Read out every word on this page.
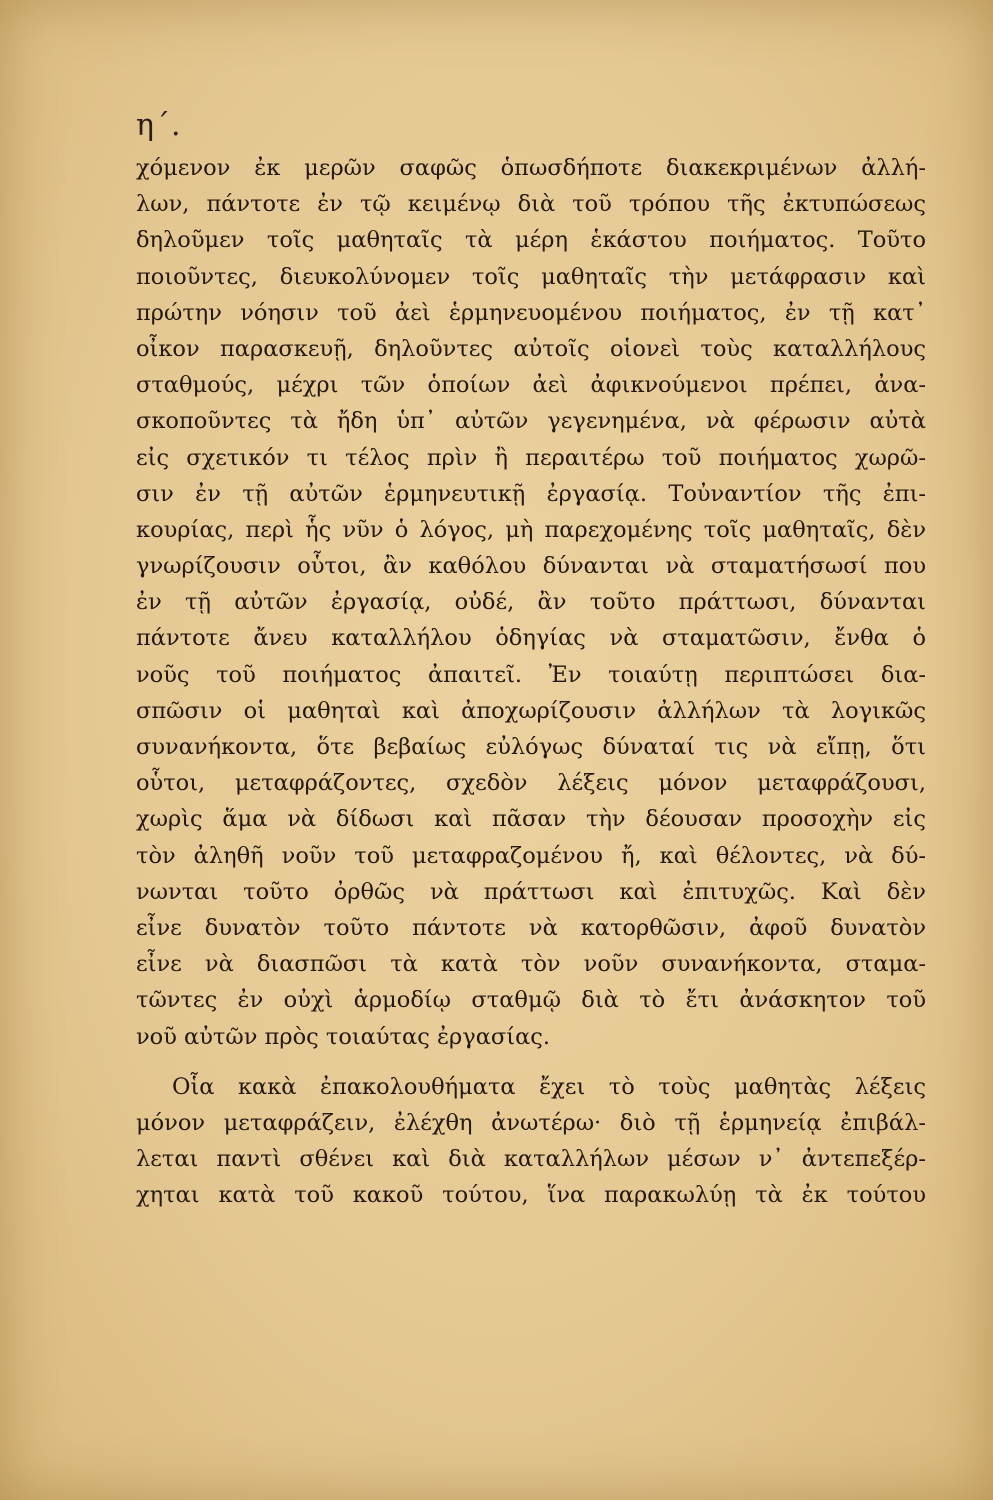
η΄.
χόμενον ἐκ μερῶν σαφῶς ὁπωσδήποτε διακεκριμένων ἀλλή-
λων, πάντοτε ἐν τῷ κειμένῳ διὰ τοῦ τρόπου τῆς ἐκτυπώσεως
δηλοῦμεν τοῖς μαθηταῖς τὰ μέρη ἑκάστου ποιήματος. Τοῦτο
ποιοῦντες, διευκολύνομεν τοῖς μαθηταῖς τὴν μετάφρασιν καὶ
πρώτην νόησιν τοῦ ἀεὶ ἑρμηνευομένου ποιήματος, ἐν τῇ κατ᾽
οἶκον παρασκευῇ, δηλοῦντες αὐτοῖς οἱονεὶ τοὺς καταλλήλους
σταθμούς, μέχρι τῶν ὁποίων ἀεὶ ἀφικνούμενοι πρέπει, ἀνα-
σκοποῦντες τὰ ἤδη ὑπ᾽ αὐτῶν γεγενημένα, νὰ φέρωσιν αὐτὰ
εἰς σχετικόν τι τέλος πρὶν ἢ περαιτέρω τοῦ ποιήματος χωρῶ-
σιν ἐν τῇ αὐτῶν ἑρμηνευτικῇ ἐργασίᾳ. Τοὐναντίον τῆς ἐπι-
κουρίας, περὶ ἧς νῦν ὁ λόγος, μὴ παρεχομένης τοῖς μαθηταῖς, δὲν
γνωρίζουσιν οὗτοι, ἂν καθόλου δύνανται νὰ σταματήσωσί που
ἐν τῇ αὐτῶν ἐργασίᾳ, οὐδέ, ἂν τοῦτο πράττωσι, δύνανται
πάντοτε ἄνευ καταλλήλου ὁδηγίας νὰ σταματῶσιν, ἔνθα ὁ
νοῦς τοῦ ποιήματος ἀπαιτεῖ. Ἐν τοιαύτῃ περιπτώσει δια-
σπῶσιν οἱ μαθηταὶ καὶ ἀποχωρίζουσιν ἀλλήλων τὰ λογικῶς
συνανήκοντα, ὅτε βεβαίως εὐλόγως δύναταί τις νὰ εἴπῃ, ὅτι
οὗτοι, μεταφράζοντες, σχεδὸν λέξεις μόνον μεταφράζουσι,
χωρὶς ἅμα νὰ δίδωσι καὶ πᾶσαν τὴν δέουσαν προσοχὴν εἰς
τὸν ἀληθῆ νοῦν τοῦ μεταφραζομένου ἤ, καὶ θέλοντες, νὰ δύ-
νωνται τοῦτο ὀρθῶς νὰ πράττωσι καὶ ἐπιτυχῶς. Καὶ δὲν
εἶνε δυνατὸν τοῦτο πάντοτε νὰ κατορθῶσιν, ἀφοῦ δυνατὸν
εἶνε νὰ διασπῶσι τὰ κατὰ τὸν νοῦν συνανήκοντα, σταμα-
τῶντες ἐν οὐχὶ ἁρμοδίῳ σταθμῷ διὰ τὸ ἔτι ἀνάσκητον τοῦ
νοῦ αὐτῶν πρὸς τοιαύτας ἐργασίας.
Οἷα κακὰ ἐπακολουθήματα ἔχει τὸ τοὺς μαθητὰς λέξεις
μόνον μεταφράζειν, ἐλέχθη ἀνωτέρω· διὸ τῇ ἑρμηνείᾳ ἐπιβάλ-
λεται παντὶ σθένει καὶ διὰ καταλλήλων μέσων ν᾽ ἀντεπεξέρ-
χηται κατὰ τοῦ κακοῦ τούτου, ἵνα παρακωλύῃ τὰ ἐκ τούτου
